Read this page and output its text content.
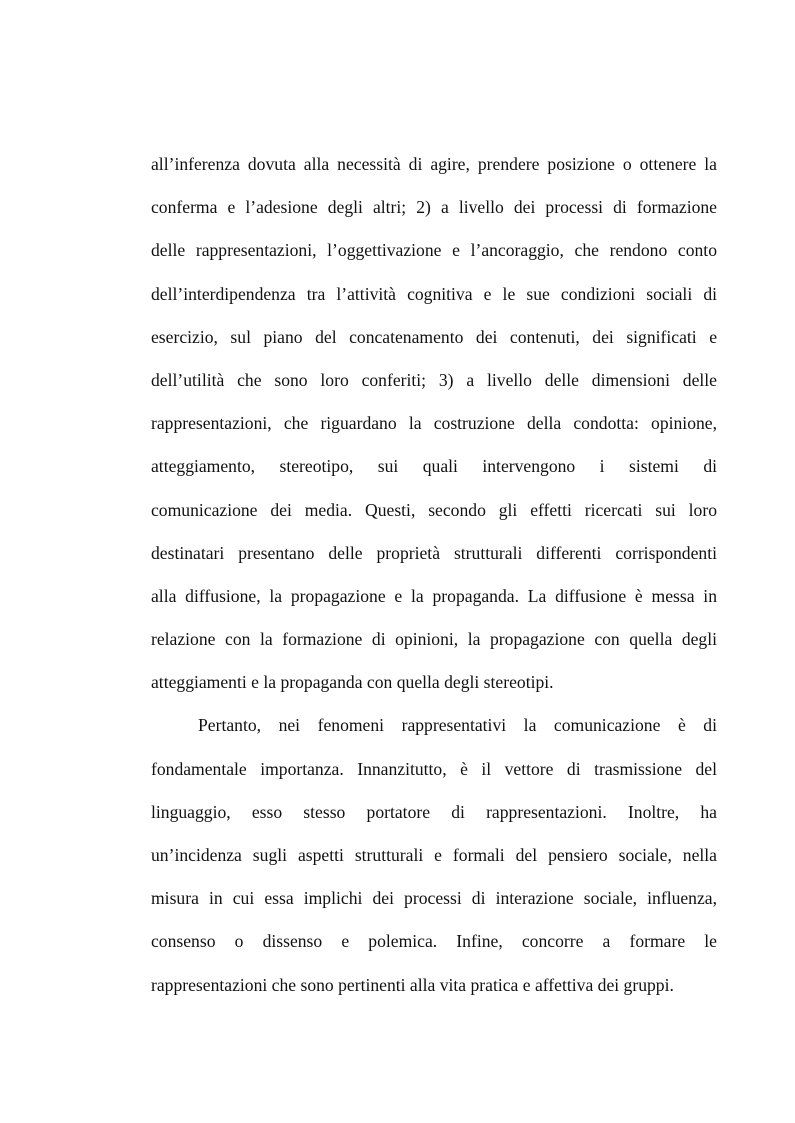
all’inferenza dovuta alla necessità di agire, prendere posizione o ottenere la
conferma e l’adesione degli altri; 2) a livello dei processi di formazione
delle rappresentazioni, l’oggettivazione e l’ancoraggio, che rendono conto
dell’interdipendenza tra l’attività cognitiva e le sue condizioni sociali di
esercizio, sul piano del concatenamento dei contenuti, dei significati e
dell’utilità che sono loro conferiti; 3) a livello delle dimensioni delle
rappresentazioni, che riguardano la costruzione della condotta: opinione,
atteggiamento, stereotipo, sui quali intervengono i sistemi di
comunicazione dei media. Questi, secondo gli effetti ricercati sui loro
destinatari presentano delle proprietà strutturali differenti corrispondenti
alla diffusione, la propagazione e la propaganda. La diffusione è messa in
relazione con la formazione di opinioni, la propagazione con quella degli
atteggiamenti e la propaganda con quella degli stereotipi.
Pertanto, nei fenomeni rappresentativi la comunicazione è di
fondamentale importanza. Innanzitutto, è il vettore di trasmissione del
linguaggio, esso stesso portatore di rappresentazioni. Inoltre, ha
un’incidenza sugli aspetti strutturali e formali del pensiero sociale, nella
misura in cui essa implichi dei processi di interazione sociale, influenza,
consenso o dissenso e polemica. Infine, concorre a formare le
rappresentazioni che sono pertinenti alla vita pratica e affettiva dei gruppi.
